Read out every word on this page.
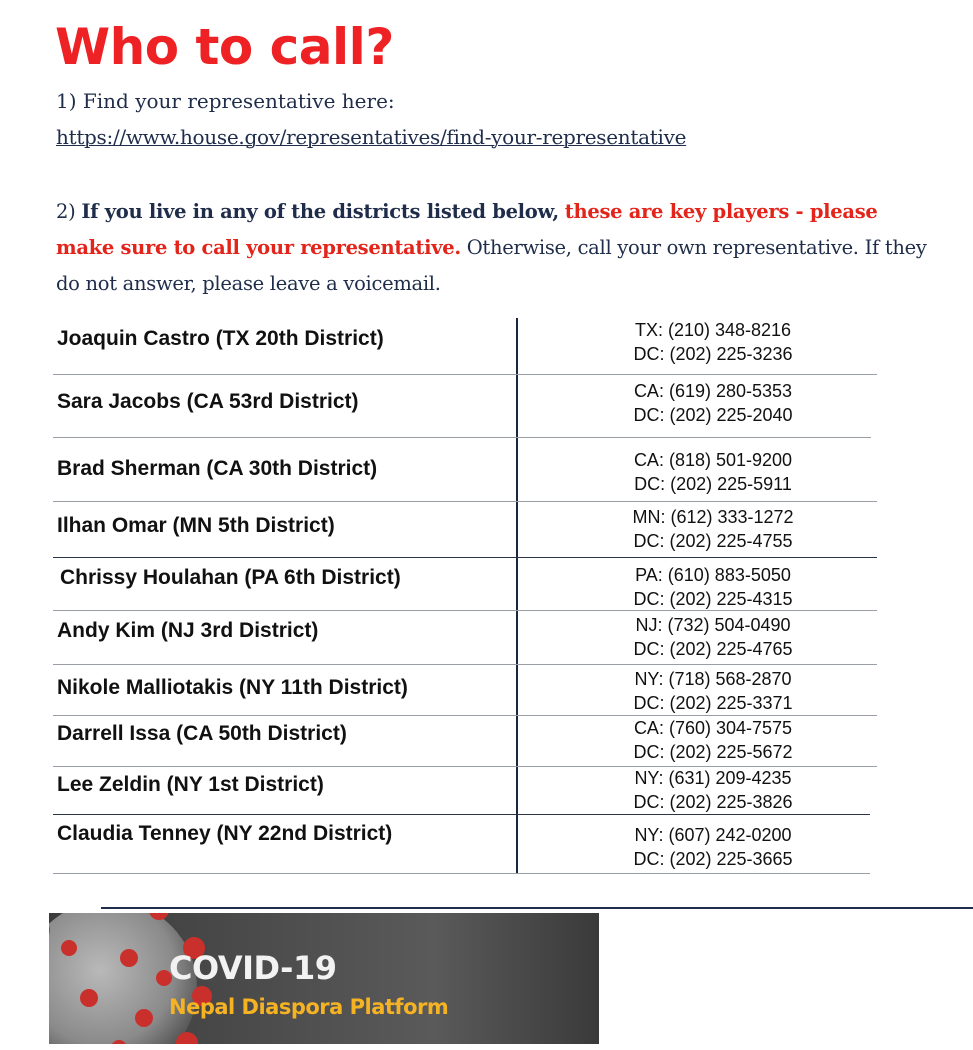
Who to call?
1) Find your representative here:
https://www.house.gov/representatives/find-your-representative
2) If you live in any of the districts listed below, these are key players - please make sure to call your representative. Otherwise, call your own representative. If they do not answer, please leave a voicemail.
Joaquin Castro (TX 20th District)	TX: (210) 348-8216
DC: (202) 225-3236
Sara Jacobs (CA 53rd District)	CA: (619) 280-5353
DC: (202) 225-2040
Brad Sherman (CA 30th District)	CA: (818) 501-9200
DC: (202) 225-5911
Ilhan Omar (MN 5th District)	MN: (612) 333-1272
DC: (202) 225-4755
Chrissy Houlahan (PA 6th District)	PA: (610) 883-5050
DC: (202) 225-4315
Andy Kim (NJ 3rd District)	NJ: (732) 504-0490
DC: (202) 225-4765
Nikole Malliotakis (NY 11th District)	NY: (718) 568-2870
DC: (202) 225-3371
Darrell Issa (CA 50th District)	CA: (760) 304-7575
DC: (202) 225-5672
Lee Zeldin (NY 1st District)	NY: (631) 209-4235
DC: (202) 225-3826
Claudia Tenney (NY 22nd District)	NY: (607) 242-0200
DC: (202) 225-3665
COVID-19
Nepal Diaspora Platform
